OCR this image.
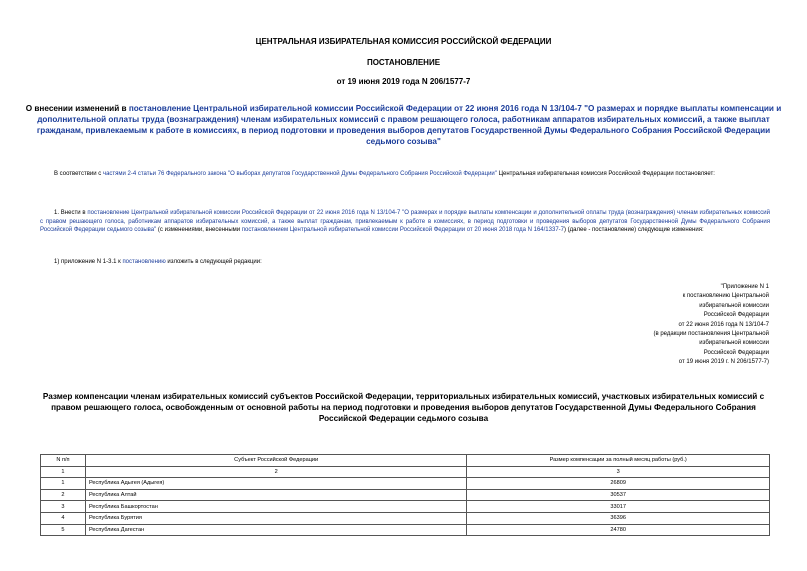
ЦЕНТРАЛЬНАЯ ИЗБИРАТЕЛЬНАЯ КОМИССИЯ РОССИЙСКОЙ ФЕДЕРАЦИИ
ПОСТАНОВЛЕНИЕ
от 19 июня 2019 года N 206/1577-7
О внесении изменений в постановление Центральной избирательной комиссии Российской Федерации от 22 июня 2016 года N 13/104-7 "О размерах и порядке выплаты компенсации и дополнительной оплаты труда (вознаграждения) членам избирательных комиссий с правом решающего голоса, работникам аппаратов избирательных комиссий, а также выплат гражданам, привлекаемым к работе в комиссиях, в период подготовки и проведения выборов депутатов Государственной Думы Федерального Собрания Российской Федерации седьмого созыва"
В соответствии с частями 2-4 статьи 76 Федерального закона "О выборах депутатов Государственной Думы Федерального Собрания Российской Федерации" Центральная избирательная комиссия Российской Федерации постановляет:
1. Внести в постановление Центральной избирательной комиссии Российской Федерации от 22 июня 2016 года N 13/104-7 "О размерах и порядке выплаты компенсации и дополнительной оплаты труда (вознаграждения) членам избирательных комиссий с правом решающего голоса, работникам аппаратов избирательных комиссий, а также выплат гражданам, привлекаемым к работе в комиссиях, в период подготовки и проведения выборов депутатов Государственной Думы Федерального Собрания Российской Федерации седьмого созыва" (с изменениями, внесенными постановлением Центральной избирательной комиссии Российской Федерации от 20 июня 2018 года N 164/1337-7) (далее - постановление) следующие изменения:
1) приложение N 1-3.1 к постановлению изложить в следующей редакции:
"Приложение N 1
к постановлению Центральной
избирательной комиссии
Российской Федерации
от 22 июня 2016 года N 13/104-7
(в редакции постановления Центральной
избирательной комиссии
Российской Федерации
от 19 июня 2019 г. N 206/1577-7)
Размер компенсации членам избирательных комиссий субъектов Российской Федерации, территориальных избирательных комиссий, участковых избирательных комиссий с правом решающего голоса, освобожденным от основной работы на период подготовки и проведения выборов депутатов Государственной Думы Федерального Собрания Российской Федерации седьмого созыва
N п/п	Субъект Российской Федерации	Размер компенсации за полный месяц работы (руб.)
1	2	3
1	Республика Адыгея (Адыгея)	26809
2	Республика Алтай	30537
3	Республика Башкортостан	33017
4	Республика Бурятия	36396
5	Республика Дагестан	24780
